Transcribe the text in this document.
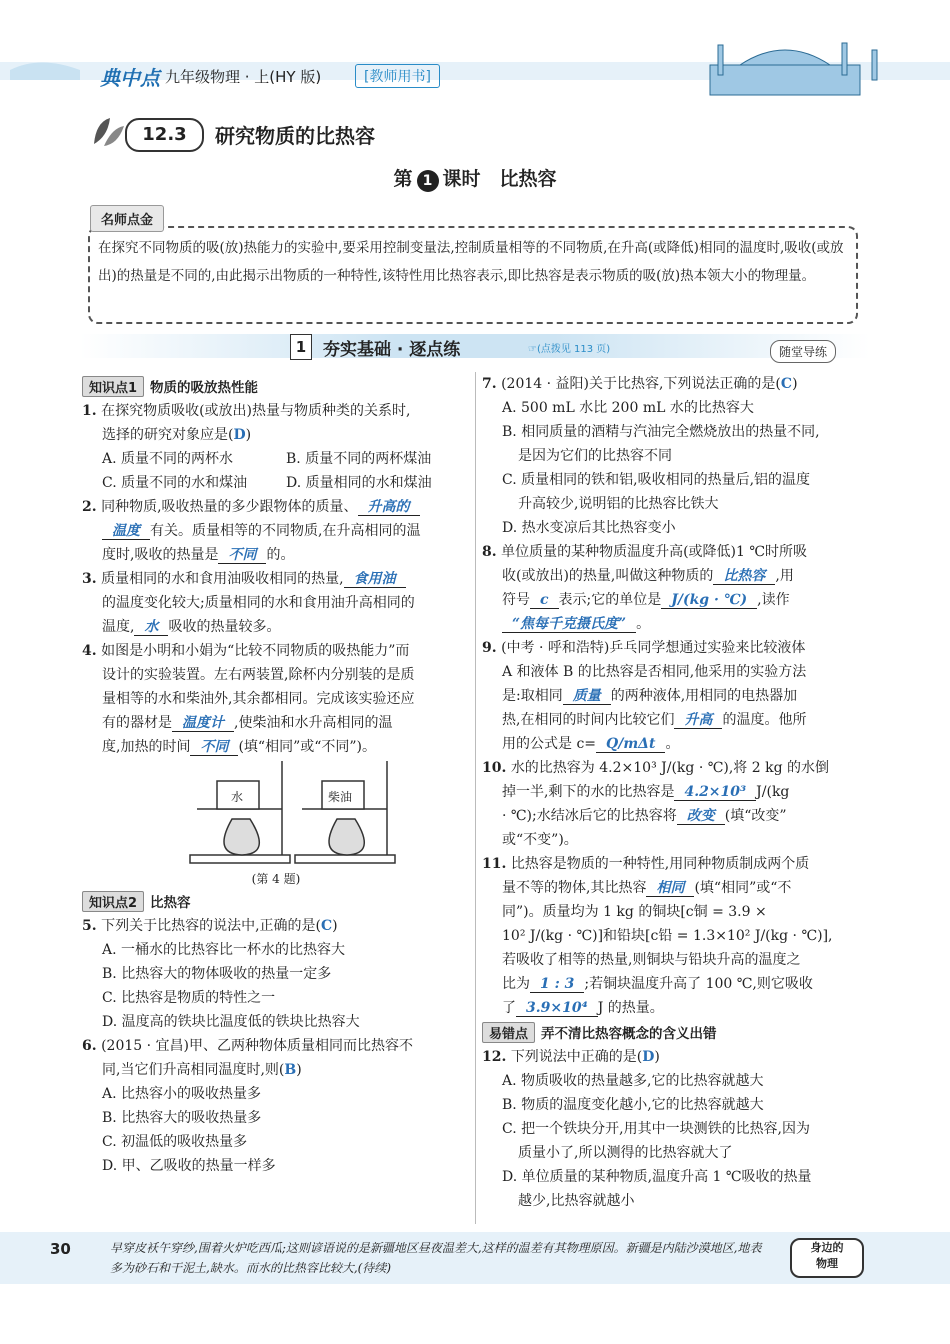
典中点 九年级物理 · 上(HY 版)	[教师用书]
12.3	研究物质的比热容
第 1 课时　比热容
在探究不同物质的吸(放)热能力的实验中,要采用控制变量法,控制质量相等的不同物质,在升高(或降低)相同的温度时,吸收(或放出)的热量是不同的,由此揭示出物质的一种特性,该特性用比热容表示,即比热容是表示物质的吸(放)热本领大小的物理量。
名师点金
1 夯实基础 · 逐点练	☞(点拨见 113 页)	随堂导练
知识点1 物质的吸放热性能
1. 在探究物质吸收(或放出)热量与物质种类的关系时,
选择的研究对象应是(D)
A. 质量不同的两杯水	B. 质量不同的两杯煤油
C. 质量不同的水和煤油	D. 质量相同的水和煤油
2. 同种物质,吸收热量的多少跟物体的质量、 升高的
温度 有关。质量相等的不同物质,在升高相同的温
度时,吸收的热量是 不同 的。
3. 质量相同的水和食用油吸收相同的热量, 食用油
的温度变化较大;质量相同的水和食用油升高相同的
温度, 水 吸收的热量较多。
4. 如图是小明和小娟为“比较不同物质的吸热能力”而
设计的实验装置。左右两装置,除杯内分别装的是质
量相等的水和柴油外,其余都相同。完成该实验还应
有的器材是 温度计 ,使柴油和水升高相同的温
度,加热的时间 不同 (填“相同”或“不同”)。
水	柴油
(第 4 题)
知识点2 比热容
5. 下列关于比热容的说法中,正确的是(C)
A. 一桶水的比热容比一杯水的比热容大
B. 比热容大的物体吸收的热量一定多
C. 比热容是物质的特性之一
D. 温度高的铁块比温度低的铁块比热容大
6. (2015 · 宜昌)甲、乙两种物体质量相同而比热容不
同,当它们升高相同温度时,则(B)
A. 比热容小的吸收热量多
B. 比热容大的吸收热量多
C. 初温低的吸收热量多
D. 甲、乙吸收的热量一样多
7. (2014 · 益阳)关于比热容,下列说法正确的是(C)
A. 500 mL 水比 200 mL 水的比热容大
B. 相同质量的酒精与汽油完全燃烧放出的热量不同,
是因为它们的比热容不同
C. 质量相同的铁和铝,吸收相同的热量后,铝的温度
升高较少,说明铝的比热容比铁大
D. 热水变凉后其比热容变小
8. 单位质量的某种物质温度升高(或降低)1 ℃时所吸
收(或放出)的热量,叫做这种物质的 比热容 ,用
符号 c 表示;它的单位是 J/(kg · ℃) ,读作
“焦每千克摄氏度” 。
9. (中考 · 呼和浩特)乒乓同学想通过实验来比较液体
A 和液体 B 的比热容是否相同,他采用的实验方法
是:取相同 质量 的两种液体,用相同的电热器加
热,在相同的时间内比较它们 升高 的温度。他所
用的公式是 c= Q/mΔt 。
10. 水的比热容为 4.2×10³ J/(kg · ℃),将 2 kg 的水倒
掉一半,剩下的水的比热容是 4.2×10³ J/(kg
· ℃);水结冰后它的比热容将 改变 (填“改变”
或“不变”)。
11. 比热容是物质的一种特性,用同种物质制成两个质
量不等的物体,其比热容 相同 (填“相同”或“不
同”)。质量均为 1 kg 的铜块[c铜 = 3.9 ×
10² J/(kg · ℃)]和铅块[c铅 = 1.3×10² J/(kg · ℃)],
若吸收了相等的热量,则铜块与铅块升高的温度之
比为 1 : 3 ;若铜块温度升高了 100 ℃,则它吸收
了 3.9×10⁴ J 的热量。
易错点 弄不清比热容概念的含义出错
12. 下列说法中正确的是(D)
A. 物质吸收的热量越多,它的比热容就越大
B. 物质的温度变化越小,它的比热容就越大
C. 把一个铁块分开,用其中一块测铁的比热容,因为
质量小了,所以测得的比热容就大了
D. 单位质量的某种物质,温度升高 1 ℃吸收的热量
越少,比热容就越小
30	早穿皮袄午穿纱,围着火炉吃西瓜;这则谚语说的是新疆地区昼夜温差大,这样的温差有其物理原因。新疆是内陆沙漠地区,地表多为砂石和干泥土,缺水。而水的比热容比较大,(待续)
身边的
物理
